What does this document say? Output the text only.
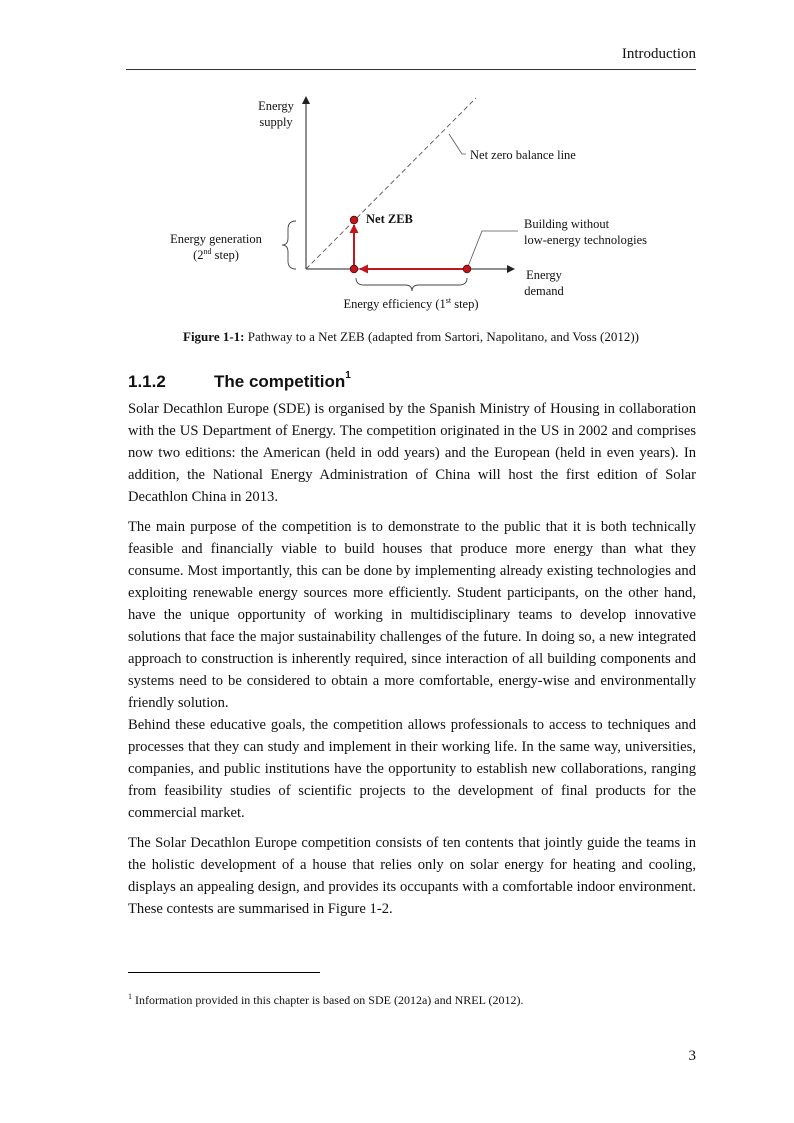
Introduction
Energy
supply
Net zero balance line
Net ZEB	Building without
low-energy technologies
Energy generation
(2nd step)
Energy
demand
Energy efficiency (1st step)
Figure 1-1: Pathway to a Net ZEB (adapted from Sartori, Napolitano, and Voss (2012))
1.1.2	The competition$^1$

Solar Decathlon Europe (SDE) is organised by the Spanish Ministry of Housing in collaboration with the US Department of Energy. The competition originated in the US in 2002 and comprises now two editions: the American (held in odd years) and the European (held in even years). In addition, the National Energy Administration of China will host the first edition of Solar Decathlon China in 2013.

The main purpose of the competition is to demonstrate to the public that it is both technically feasible and financially viable to build houses that produce more energy than what they consume. Most importantly, this can be done by implementing already existing technologies and exploiting renewable energy sources more efficiently. Student participants, on the other hand, have the unique opportunity of working in multidisciplinary teams to develop innovative solutions that face the major sustainability challenges of the future. In doing so, a new integrated approach to construction is inherently required, since interaction of all building components and systems need to be considered to obtain a more comfortable, energy-wise and environmentally friendly solution.

Behind these educative goals, the competition allows professionals to access to techniques and processes that they can study and implement in their working life. In the same way, universities, companies, and public institutions have the opportunity to establish new collaborations, ranging from feasibility studies of scientific projects to the development of final products for the commercial market.

The Solar Decathlon Europe competition consists of ten contents that jointly guide the teams in the holistic development of a house that relies only on solar energy for heating and cooling, displays an appealing design, and provides its occupants with a comfortable indoor environment. These contests are summarised in Figure 1-2.

$^1$ Information provided in this chapter is based on SDE (2012a) and NREL (2012).
3
